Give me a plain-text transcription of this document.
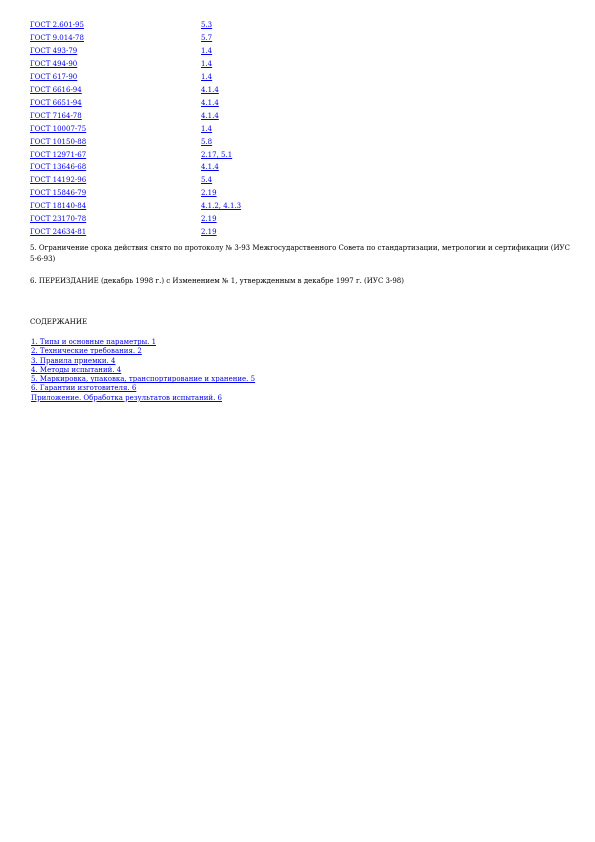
ГОСТ 2.601-95	5.3
ГОСТ 9.014-78	5.7
ГОСТ 493-79	1.4
ГОСТ 494-90	1.4
ГОСТ 617-90	1.4
ГОСТ 6616-94	4.1.4
ГОСТ 6651-94	4.1.4
ГОСТ 7164-78	4.1.4
ГОСТ 10007-75	1.4
ГОСТ 10150-88	5.8
ГОСТ 12971-67	2.17, 5.1
ГОСТ 13646-68	4.1.4
ГОСТ 14192-96	5.4
ГОСТ 15846-79	2.19
ГОСТ 18140-84	4.1.2, 4.1.3
ГОСТ 23170-78	2.19
ГОСТ 24634-81	2.19

5. Ограничение срока действия снято по протоколу № 3-93 Межгосударственного Совета по стандартизации, метрологии и сертификации (ИУС 5-6-93)

6. ПЕРЕИЗДАНИЕ (декабрь 1998 г.) с Изменением № 1, утвержденным в декабре 1997 г. (ИУС 3-98)

СОДЕРЖАНИЕ
1. Типы и основные параметры. 1
2. Технические требования. 2
3. Правила приемки. 4
4. Методы испытаний. 4
5. Маркировка, упаковка, транспортирование и хранение. 5
6. Гарантии изготовителя. 6
Приложение. Обработка результатов испытаний. 6
